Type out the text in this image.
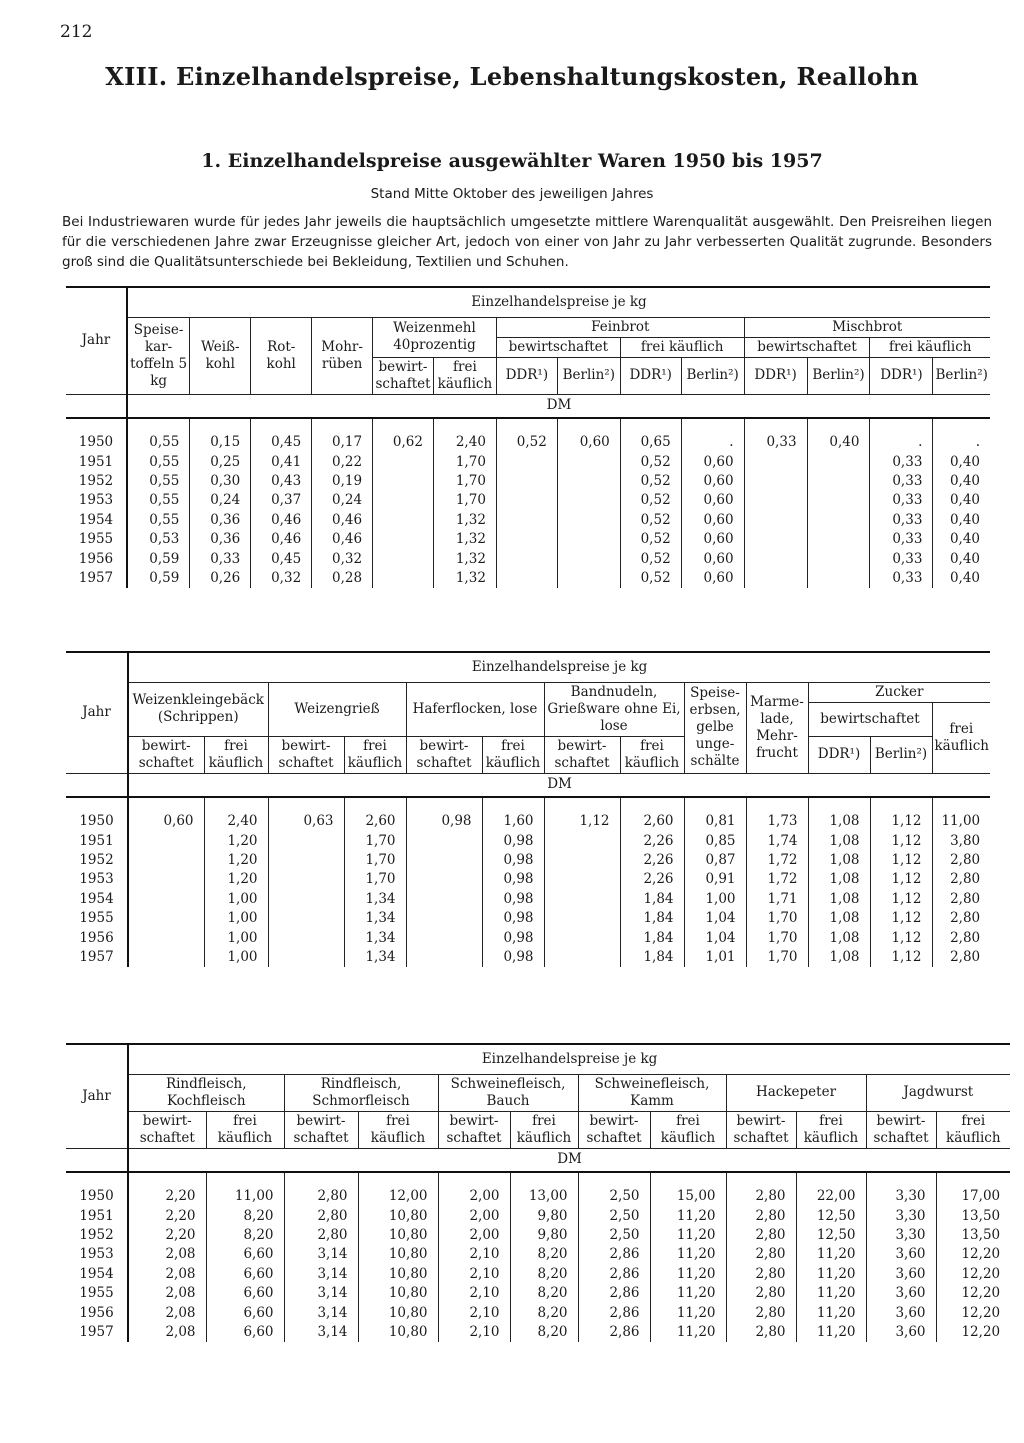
212
XIII. Einzelhandelspreise, Lebenshaltungskosten, Reallohn
1. Einzelhandelspreise ausgewählter Waren 1950 bis 1957
Stand Mitte Oktober des jeweiligen Jahres
Bei Industriewaren wurde für jedes Jahr jeweils die hauptsächlich umgesetzte mittlere Warenqualität ausgewählt. Den Preisreihen liegen für die verschiedenen Jahre zwar Erzeugnisse gleicher Art, jedoch von einer von Jahr zu Jahr verbesserten Qualität zugrunde. Besonders groß sind die Qualitätsunterschiede bei Bekleidung, Textilien und Schuhen.
Jahr	Einzelhandelspreise je kg													
	Speise-kar-toffeln 5 kg	Weiß-kohl	Rot-kohl	Mohr-rüben	Weizenmehl 40prozentig		Feinbrot				Mischbrot			
							bewirtschaftet		frei käuflich		bewirtschaftet		frei käuflich	
					bewirt-schaftet	frei käuflich	DDR¹)	Berlin²)	DDR¹)	Berlin²)	DDR¹)	Berlin²)	DDR¹)	Berlin²)
	DM													
1950	0,55	0,15	0,45	0,17	0,62	2,40	0,52	0,60	0,65	.	0,33	0,40	.	.
1951	0,55	0,25	0,41	0,22		1,70			0,52	0,60			0,33	0,40
1952	0,55	0,30	0,43	0,19		1,70			0,52	0,60			0,33	0,40
1953	0,55	0,24	0,37	0,24		1,70			0,52	0,60			0,33	0,40
1954	0,55	0,36	0,46	0,46		1,32			0,52	0,60			0,33	0,40
1955	0,53	0,36	0,46	0,46		1,32			0,52	0,60			0,33	0,40
1956	0,59	0,33	0,45	0,32		1,32			0,52	0,60			0,33	0,40
1957	0,59	0,26	0,32	0,28		1,32			0,52	0,60			0,33	0,40
Jahr	Einzelhandelspreise je kg												
	Weizenkleingebäck (Schrippen)		Weizengrieß		Haferflocken, lose		Bandnudeln, Grießware ohne Ei, lose		Speise-erbsen, gelbe unge-schälte	Marme-lade, Mehr-frucht	Zucker		
											bewirtschaftet		frei käuflich
	bewirt-schaftet	frei käuflich	bewirt-schaftet	frei käuflich	bewirt-schaftet	frei käuflich	bewirt-schaftet	frei käuflich			DDR¹)	Berlin²)	
	DM												
1950	0,60	2,40	0,63	2,60	0,98	1,60	1,12	2,60	0,81	1,73	1,08	1,12	11,00
1951		1,20		1,70		0,98		2,26	0,85	1,74	1,08	1,12	3,80
1952		1,20		1,70		0,98		2,26	0,87	1,72	1,08	1,12	2,80
1953		1,20		1,70		0,98		2,26	0,91	1,72	1,08	1,12	2,80
1954		1,00		1,34		0,98		1,84	1,00	1,71	1,08	1,12	2,80
1955		1,00		1,34		0,98		1,84	1,04	1,70	1,08	1,12	2,80
1956		1,00		1,34		0,98		1,84	1,04	1,70	1,08	1,12	2,80
1957		1,00		1,34		0,98		1,84	1,01	1,70	1,08	1,12	2,80
Jahr	Einzelhandelspreise je kg											
	Rindfleisch, Kochfleisch		Rindfleisch, Schmorfleisch		Schweinefleisch, Bauch		Schweinefleisch, Kamm		Hackepeter		Jagdwurst	
	bewirt-schaftet	frei käuflich	bewirt-schaftet	frei käuflich	bewirt-schaftet	frei käuflich	bewirt-schaftet	frei käuflich	bewirt-schaftet	frei käuflich	bewirt-schaftet	frei käuflich
	DM											
1950	2,20	11,00	2,80	12,00	2,00	13,00	2,50	15,00	2,80	22,00	3,30	17,00
1951	2,20	8,20	2,80	10,80	2,00	9,80	2,50	11,20	2,80	12,50	3,30	13,50
1952	2,20	8,20	2,80	10,80	2,00	9,80	2,50	11,20	2,80	12,50	3,30	13,50
1953	2,08	6,60	3,14	10,80	2,10	8,20	2,86	11,20	2,80	11,20	3,60	12,20
1954	2,08	6,60	3,14	10,80	2,10	8,20	2,86	11,20	2,80	11,20	3,60	12,20
1955	2,08	6,60	3,14	10,80	2,10	8,20	2,86	11,20	2,80	11,20	3,60	12,20
1956	2,08	6,60	3,14	10,80	2,10	8,20	2,86	11,20	2,80	11,20	3,60	12,20
1957	2,08	6,60	3,14	10,80	2,10	8,20	2,86	11,20	2,80	11,20	3,60	12,20
